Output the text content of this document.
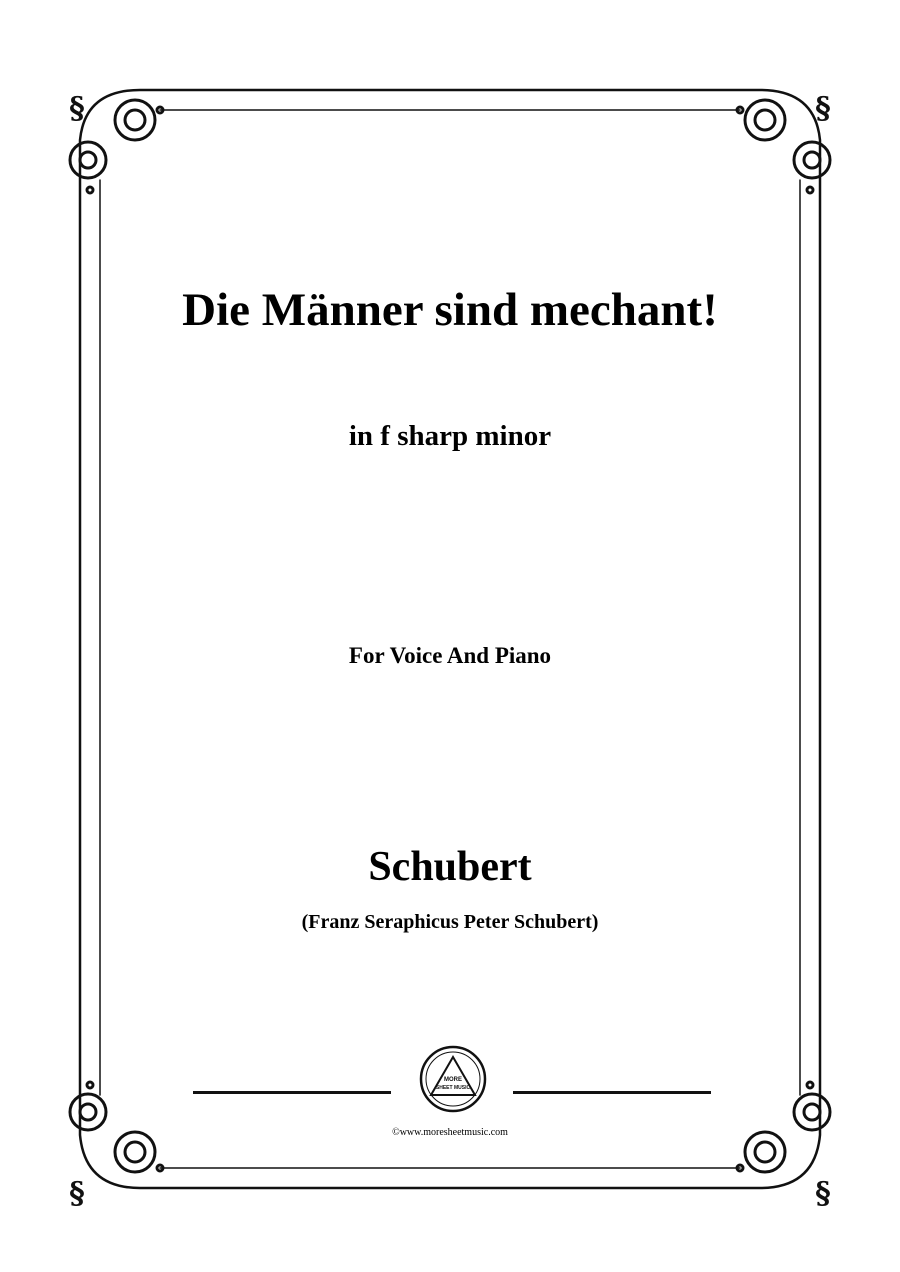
§	§
§	§
Die Männer sind mechant!
in f sharp minor
For Voice And Piano
Schubert
(Franz Seraphicus Peter Schubert)
MORE
SHEET MUSIC
©www.moresheetmusic.com
